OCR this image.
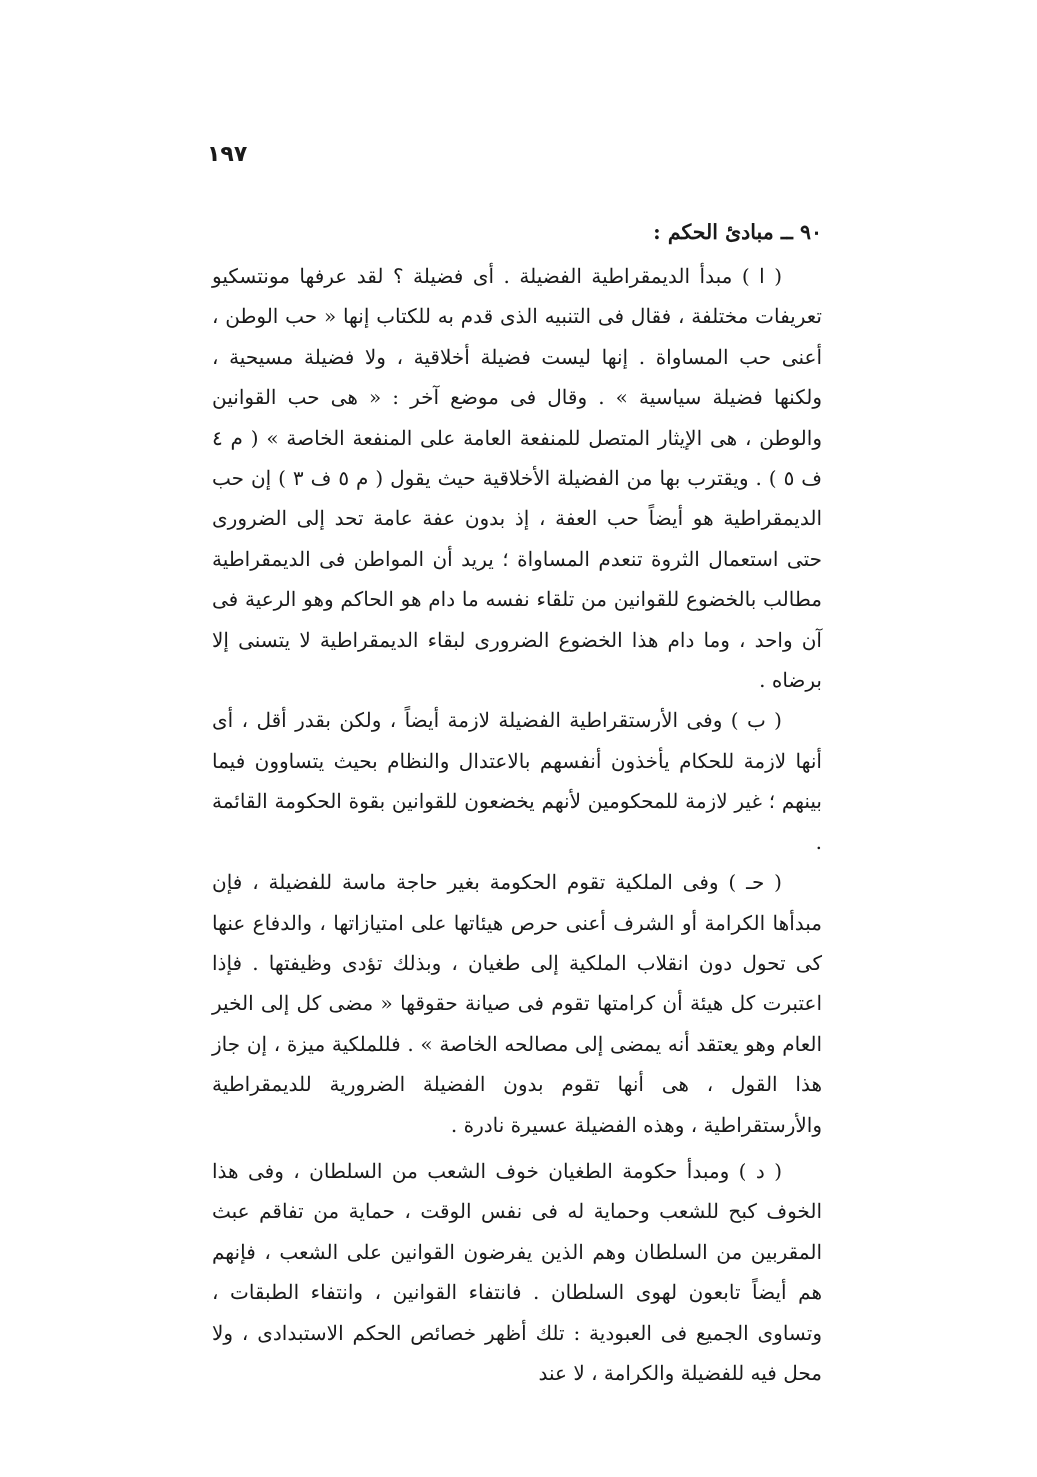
١٩٧
٩٠ ــ مبادئ الحكم :

( ا ) مبدأ الديمقراطية الفضيلة . أى فضيلة ؟ لقد عرفها مونتسكيو تعريفات مختلفة ، فقال فى التنبيه الذى قدم به للكتاب إنها « حب الوطن ، أعنى حب المساواة . إنها ليست فضيلة أخلاقية ، ولا فضيلة مسيحية ، ولكنها فضيلة سياسية » . وقال فى موضع آخر : « هى حب القوانين والوطن ، هى الإيثار المتصل للمنفعة العامة على المنفعة الخاصة » ( م ٤ ف ٥ ) . ويقترب بها من الفضيلة الأخلاقية حيث يقول ( م ٥ ف ٣ ) إن حب الديمقراطية هو أيضاً حب العفة ، إذ بدون عفة عامة تحد إلى الضرورى حتى استعمال الثروة تنعدم المساواة ؛ يريد أن المواطن فى الديمقراطية مطالب بالخضوع للقوانين من تلقاء نفسه ما دام هو الحاكم وهو الرعية فى آن واحد ، وما دام هذا الخضوع الضرورى لبقاء الديمقراطية لا يتسنى إلا برضاه .

( ب ) وفى الأرستقراطية الفضيلة لازمة أيضاً ، ولكن بقدر أقل ، أى أنها لازمة للحكام يأخذون أنفسهم بالاعتدال والنظام بحيث يتساوون فيما بينهم ؛ غير لازمة للمحكومين لأنهم يخضعون للقوانين بقوة الحكومة القائمة .

( حـ ) وفى الملكية تقوم الحكومة بغير حاجة ماسة للفضيلة ، فإن مبدأها الكرامة أو الشرف أعنى حرص هيئاتها على امتيازاتها ، والدفاع عنها كى تحول دون انقلاب الملكية إلى طغيان ، وبذلك تؤدى وظيفتها . فإذا اعتبرت كل هيئة أن كرامتها تقوم فى صيانة حقوقها « مضى كل إلى الخير العام وهو يعتقد أنه يمضى إلى مصالحه الخاصة » . فللملكية ميزة ، إن جاز هذا القول ، هى أنها تقوم بدون الفضيلة الضرورية للديمقراطية والأرستقراطية ، وهذه الفضيلة عسيرة نادرة .

( د ) ومبدأ حكومة الطغيان خوف الشعب من السلطان ، وفى هذا الخوف كبح للشعب وحماية له فى نفس الوقت ، حماية من تفاقم عبث المقربين من السلطان وهم الذين يفرضون القوانين على الشعب ، فإنهم هم أيضاً تابعون لهوى السلطان . فانتفاء القوانين ، وانتفاء الطبقات ، وتساوى الجميع فى العبودية : تلك أظهر خصائص الحكم الاستبدادى ، ولا محل فيه للفضيلة والكرامة ، لا عند
